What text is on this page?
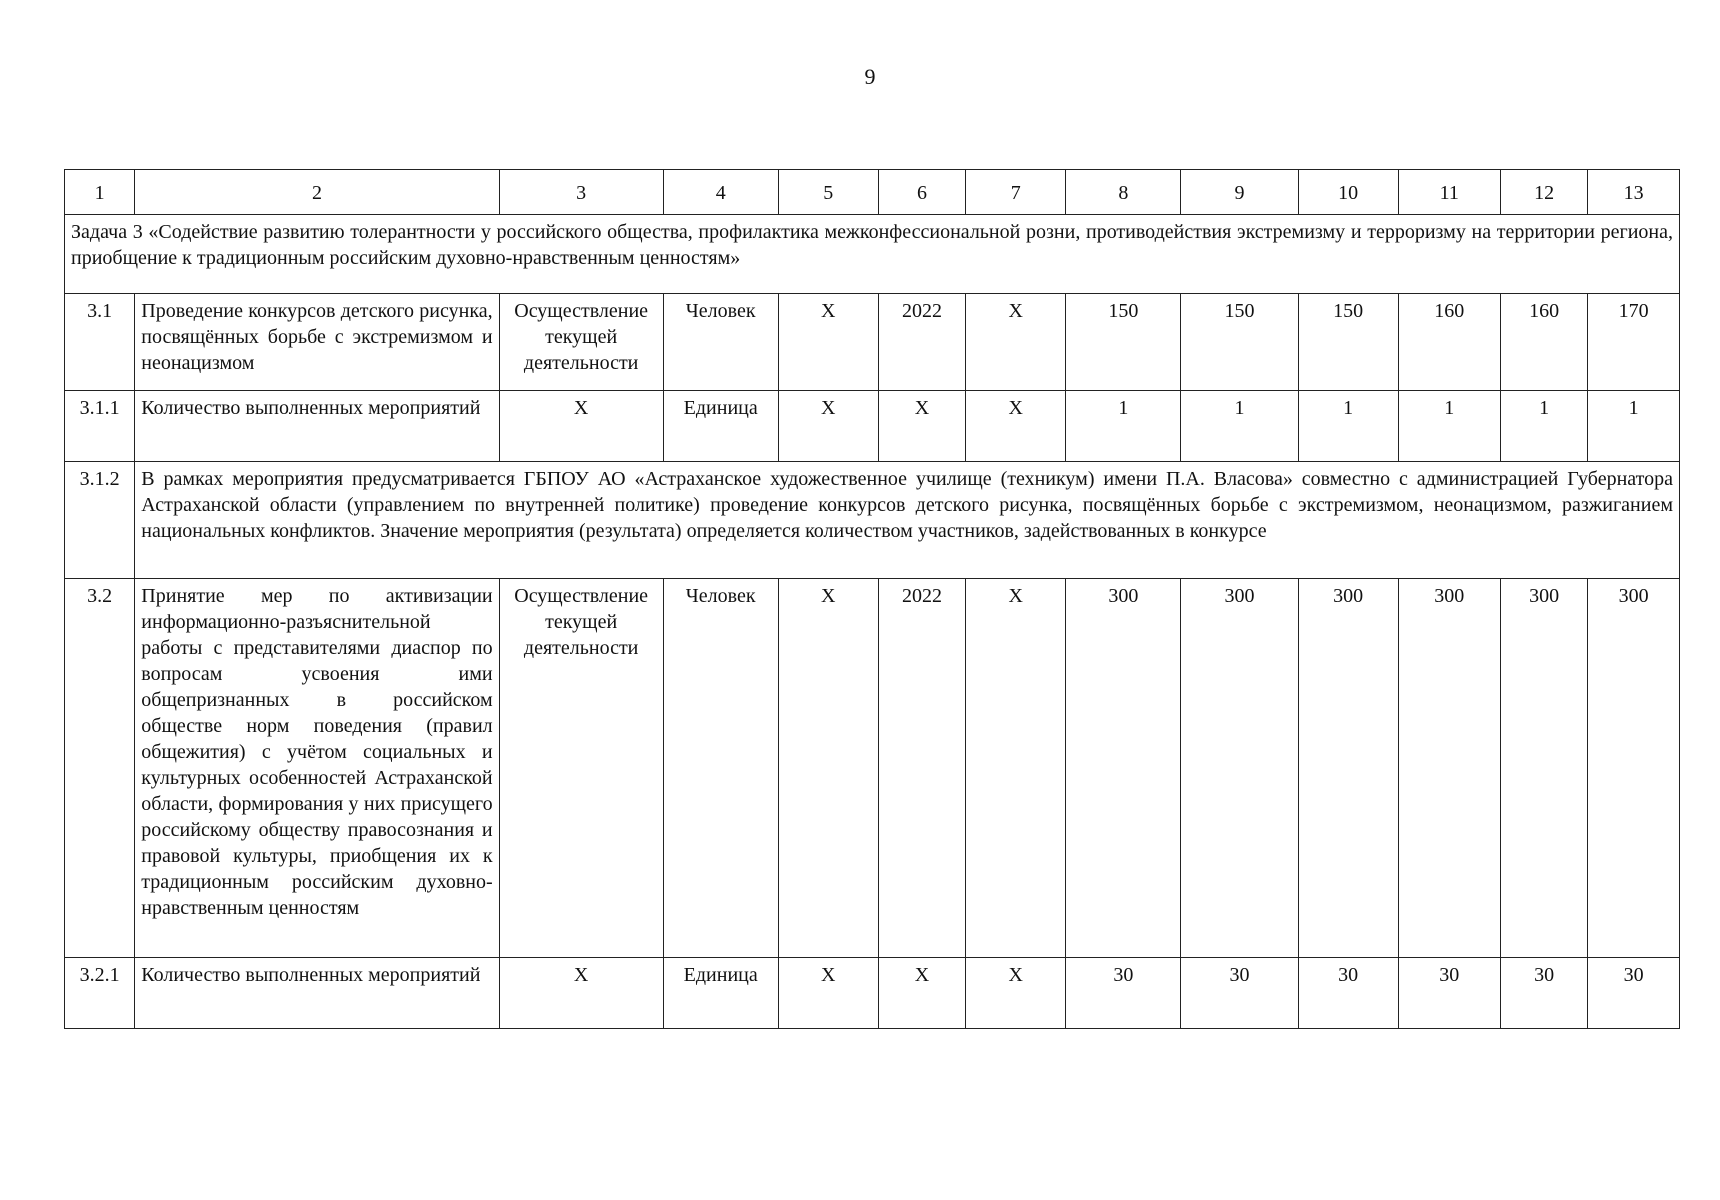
9
1	2	3	4	5	6	7	8	9	10	11	12	13
Задача 3 «Содействие развитию толерантности у российского общества, профилактика межконфессиональной розни, противодействия экстремизму и терроризму на территории региона, приобщение к традиционным российским духовно-нравственным ценностям»												
3.1	Проведение конкурсов детского рисунка, посвящённых борьбе с экстремизмом и неонацизмом	Осуществление текущей деятельности	Человек	Х	2022	Х	150	150	150	160	160	170
3.1.1	Количество выполненных мероприятий	Х	Единица	Х	Х	Х	1	1	1	1	1	1
3.1.2	В рамках мероприятия предусматривается ГБПОУ АО «Астраханское художественное училище (техникум) имени П.А. Власова» совместно с администрацией Губернатора Астраханской области (управлением по внутренней политике) проведение конкурсов детского рисунка, посвящённых борьбе с экстремизмом, неонацизмом, разжиганием национальных конфликтов. Значение мероприятия (результата) определяется количеством участников, задействованных в конкурсе											
3.2	Принятие мер по активизации информационно-разъяснительной работы с представителями диаспор по вопросам усвоения ими общепризнанных в российском обществе норм поведения (правил общежития) с учётом социальных и культурных особенностей Астраханской области, формирования у них присущего российскому обществу правосознания и правовой культуры, приобщения их к традиционным российским духовно-нравственным ценностям	Осуществление текущей деятельности	Человек	Х	2022	Х	300	300	300	300	300	300
3.2.1	Количество выполненных мероприятий	Х	Единица	Х	Х	Х	30	30	30	30	30	30
